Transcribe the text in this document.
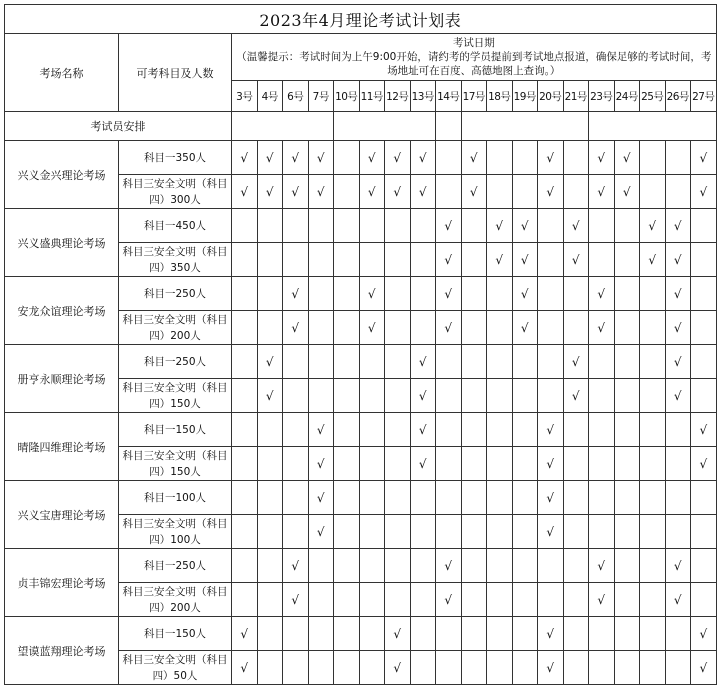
2023年4月理论考试计划表																				
考场名称	可考科目及人数	考试日期
（温馨提示：考试时间为上午9:00开始，请约考的学员提前到考试地点报道，确保足够的考试时间，考场地址可在百度、高德地图上查询。）																		

		3号	4号	6号	7号	10号	11号	12号	13号	14号	17号	18号	19号	20号	21号	23号	24号	25号	26号	27号
考试员安排																				
兴义金兴理论考场	科目一350人	√	√	√	√		√	√	√		√			√		√	√			√
	科目三安全文明（科目四）300人	√	√	√	√		√	√	√		√			√		√	√			√
兴义盛典理论考场	科目一450人									√		√	√		√			√	√	
	科目三安全文明（科目四）350人									√		√	√		√			√	√	
安龙众谊理论考场	科目一250人			√			√			√			√			√			√	
	科目三安全文明（科目四）200人			√			√			√			√			√			√	
册亨永顺理论考场	科目一250人		√						√						√				√	
	科目三安全文明（科目四）150人		√						√						√				√	
晴隆四维理论考场	科目一150人				√				√					√						√
	科目三安全文明（科目四）150人				√				√					√						√
兴义宝唐理论考场	科目一100人				√									√						
	科目三安全文明（科目四）100人				√									√						
贞丰锦宏理论考场	科目一250人			√						√						√			√	
	科目三安全文明（科目四）200人			√						√						√			√	
望谟蓝翔理论考场	科目一150人	√						√						√						√
	科目三安全文明（科目四）50人	√						√						√						√
